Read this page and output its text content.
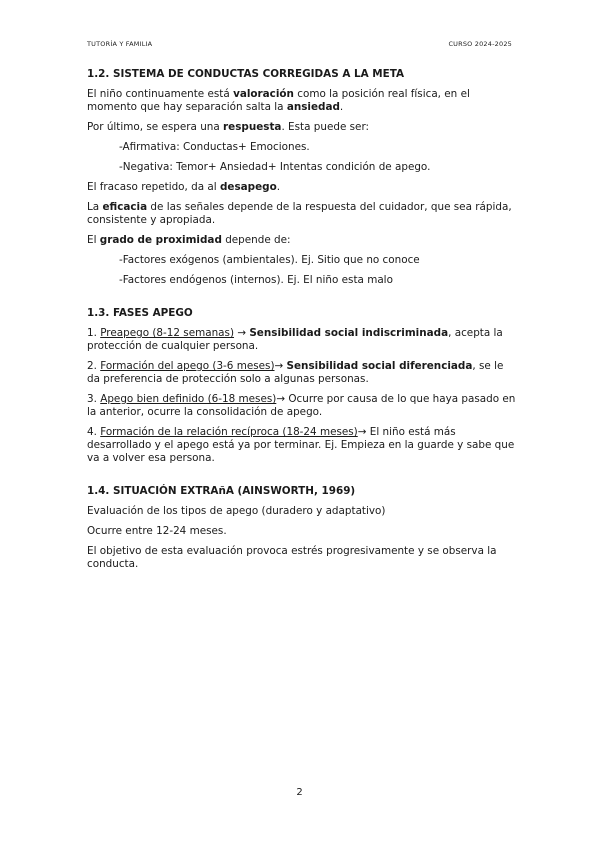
TUTORÍA Y FAMILIA	CURSO 2024-2025
1.2. SISTEMA DE CONDUCTAS CORREGIDAS A LA META
El niño continuamente está valoración como la posición real física, en el momento que hay separación salta la ansiedad.
Por último, se espera una respuesta. Esta puede ser:
-Afirmativa: Conductas+ Emociones.
-Negativa: Temor+ Ansiedad+ Intentas condición de apego.
El fracaso repetido, da al desapego.
La eficacia de las señales depende de la respuesta del cuidador, que sea rápida, consistente y apropiada.
El grado de proximidad depende de:
-Factores exógenos (ambientales). Ej. Sitio que no conoce
-Factores endógenos (internos). Ej. El niño esta malo
1.3. FASES APEGO
1. Preapego (8-12 semanas) → Sensibilidad social indiscriminada, acepta la protección de cualquier persona.
2. Formación del apego (3-6 meses)→ Sensibilidad social diferenciada, se le da preferencia de protección solo a algunas personas.
3. Apego bien definido (6-18 meses)→ Ocurre por causa de lo que haya pasado en la anterior, ocurre la consolidación de apego.
4. Formación de la relación recíproca (18-24 meses)→ El niño está más desarrollado y el apego está ya por terminar. Ej. Empieza en la guarde y sabe que va a volver esa persona.
1.4. SITUACIÓN EXTRAñA (AINSWORTH, 1969)
Evaluación de los tipos de apego (duradero y adaptativo)
Ocurre entre 12-24 meses.
El objetivo de esta evaluación provoca estrés progresivamente y se observa la conducta.
2
